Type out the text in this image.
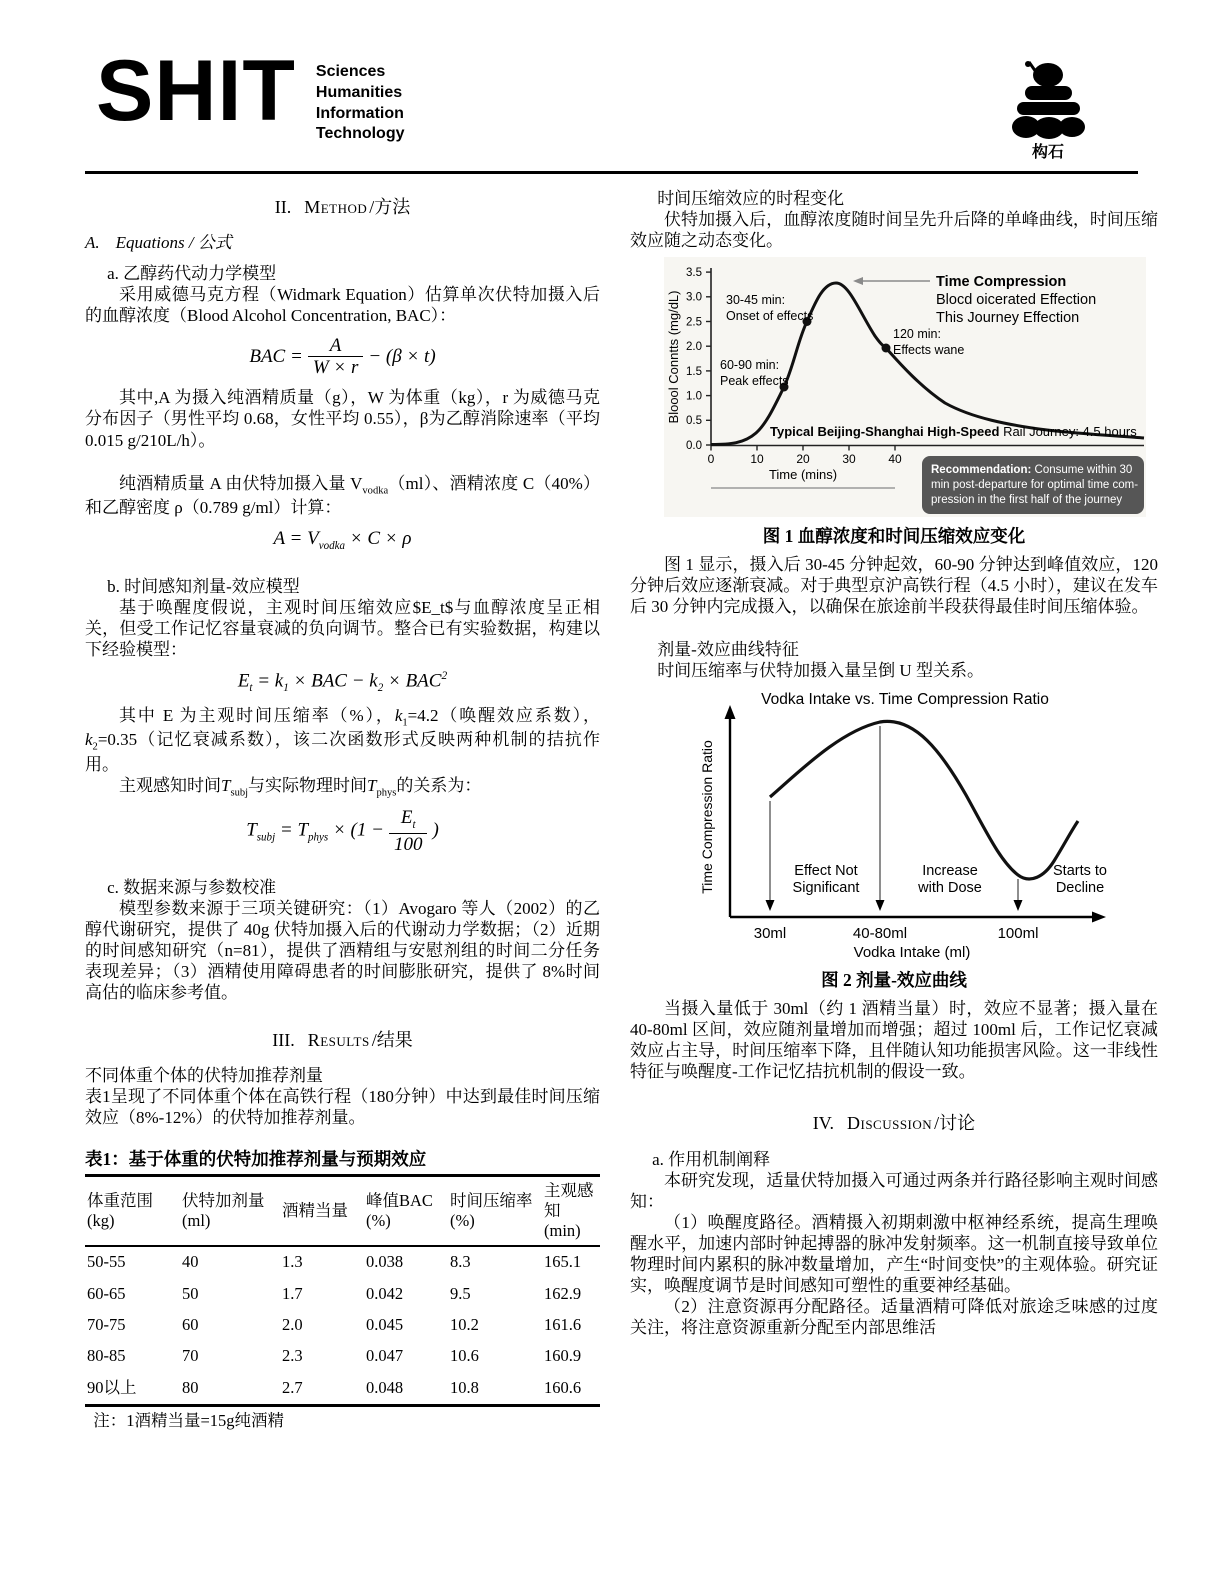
SHIT Sciences
Humanities
Information
Technology
构石
II. Method /方法
A. Equations / 公式

a. 乙醇药代动力学模型

采用威德马克方程（Widmark Equation）估算单次伏特加摄入后的血醇浓度（Blood Alcohol Concentration, BAC）：

BAC = $\frac{A}{W \times r} - (\beta \times t)$

其中,A 为摄入纯酒精质量（g），W 为体重（kg），r 为威德马克分布因子（男性平均 0.68，女性平均 0.55），β为乙醇消除速率（平均 0.015 g/210L/h）。

纯酒精质量 A 由伏特加摄入量 $V_{vodka}(ml)$、酒精浓度 C（40%）和乙醇密度 ρ（0.789 g/ml）计算：

$A = V_{vodka} \times C \times \rho$

b. 时间感知剂量-效应模型

基于唤醒度假说，主观时间压缩效应$E_t$与血醇浓度呈正相关，但受工作记忆容量衰减的负向调节。整合已有实验数据，构建以下经验模型：

$E_t = k_1$ × BAC − $k_2 \times BAC^2$

其中 E 为主观时间压缩率（%），$k_1=4.2$（唤醒效应系数），$k_2=0.35$（记忆衰减系数），该二次函数形式反映两种机制的拮抗作用。

主观感知时间$T_{subj}$与实际物理时间$T_{phys}$的关系为：

$T_{subj} = T_{phys} \times (1 - \frac{E_t}{100}$ )

c. 数据来源与参数校准

模型参数来源于三项关键研究：（1）Avogaro 等人（2002）的乙醇代谢研究，提供了 40g 伏特加摄入后的代谢动力学数据；（2）近期的时间感知研究（n=81），提供了酒精组与安慰剂组的时间二分任务表现差异；（3）酒精使用障碍患者的时间膨胀研究，提供了 8%时间高估的临床参考值。

III. Results /结果

不同体重个体的伏特加推荐剂量

表1呈现了不同体重个体在高铁行程（180分钟）中达到最佳时间压缩效应（8%-12%）的伏特加推荐剂量。

表1：基于体重的伏特加推荐剂量与预期效应
体重范围
(kg)

伏特加剂量
(ml)

酒精当量

峰值BAC
(%)

时间压缩率
(%)

主观感知
(min)

50-55	40	1.3	0.038	8.3	165.1
60-65	50	1.7	0.042	9.5	162.9
70-75	60	2.0	0.045	10.2	161.6
80-85	70	2.3	0.047	10.6	160.9
90以上	80	2.7	0.048	10.8	160.6
注：1酒精当量=15g纯酒精

时间压缩效应的时程变化

伏特加摄入后，血醇浓度随时间呈先升后降的单峰曲线，时间压缩效应随之动态变化。

3.5
3.0
2.5
2.0
1.5
1.0
0.5
0.0
0	10	20	30	40
Bloool Conntts (mg/dL)
Time (mins)
30-45 min:
Onset of effects
60-90 min:
Peak effects
120 min:
Effects wane
Time Compression
Blocd oicerated Effection
This Journey Effection
Typical Beijing-Shanghai High-Speed Rail Journey: 4.5 hours
Recommendation: Consume within 30
min post-departure for optimal time com-
pression in the first half of the journey
图 1 血醇浓度和时间压缩效应变化

图 1 显示，摄入后 30-45 分钟起效，60-90 分钟达到峰值效应，120 分钟后效应逐渐衰减。对于典型京沪高铁行程（4.5 小时），建议在发车后 30 分钟内完成摄入，以确保在旅途前半段获得最佳时间压缩体验。

剂量-效应曲线特征

时间压缩率与伏特加摄入量呈倒 U 型关系。

Vodka Intake vs. Time Compression Ratio
Time Compression Ratio	Effect Not
Significant
Increase
with Dose
Starts to
Decline
30ml	40-80ml	100ml
Vodka Intake (ml)
图 2 剂量-效应曲线

当摄入量低于 30ml（约 1 酒精当量）时，效应不显著；摄入量在 40-80ml 区间，效应随剂量增加而增强；超过 100ml 后，工作记忆衰减效应占主导，时间压缩率下降，且伴随认知功能损害风险。这一非线性特征与唤醒度-工作记忆拮抗机制的假设一致。

IV. Discussion /讨论

a. 作用机制阐释

本研究发现，适量伏特加摄入可通过两条并行路径影响主观时间感知：

（1）唤醒度路径。酒精摄入初期刺激中枢神经系统，提高生理唤醒水平，加速内部时钟起搏器的脉冲发射频率。这一机制直接导致单位物理时间内累积的脉冲数量增加，产生“时间变快”的主观体验。研究证实，唤醒度调节是时间感知可塑性的重要神经基础。

（2）注意资源再分配路径。适量酒精可降低对旅途乏味感的过度关注，将注意资源重新分配至内部思维活
